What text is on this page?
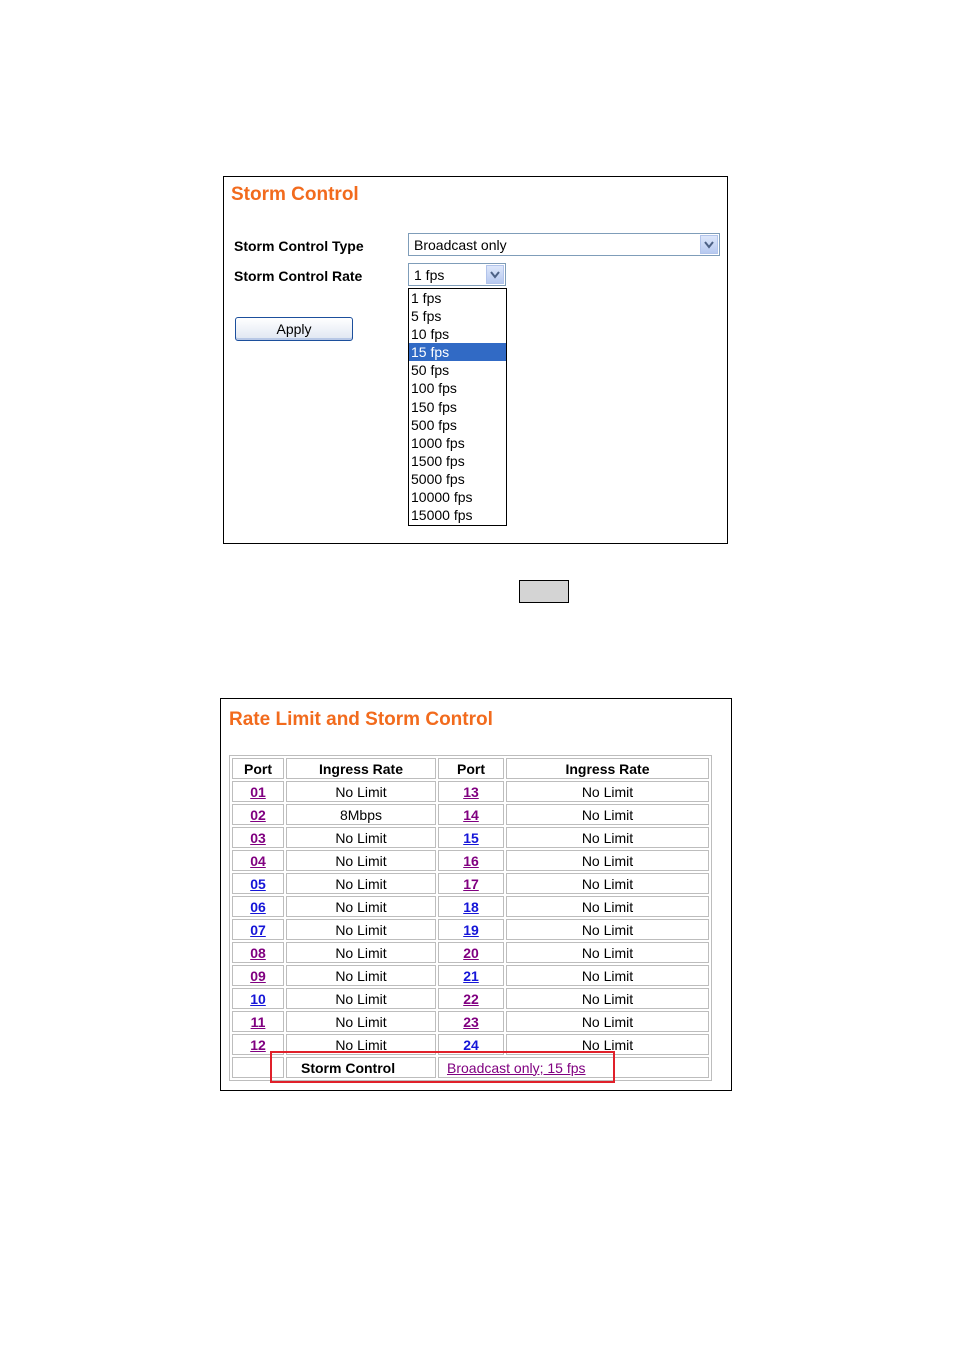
Storm Control
Storm Control Type	Broadcast only
Storm Control Rate	1 fps
1 fps
5 fps
10 fps
15 fps
50 fps
100 fps
150 fps
500 fps
1000 fps
1500 fps
5000 fps
10000 fps
15000 fps
Apply
Rate Limit and Storm Control
Port	Ingress Rate	Port	Ingress Rate
01	No Limit	13	No Limit
02	8Mbps	14	No Limit
03	No Limit	15	No Limit
04	No Limit	16	No Limit
05	No Limit	17	No Limit
06	No Limit	18	No Limit
07	No Limit	19	No Limit
08	No Limit	20	No Limit
09	No Limit	21	No Limit
10	No Limit	22	No Limit
11	No Limit	23	No Limit
12	No Limit	24	No Limit
	Storm Control	Broadcast only; 15 fps	
